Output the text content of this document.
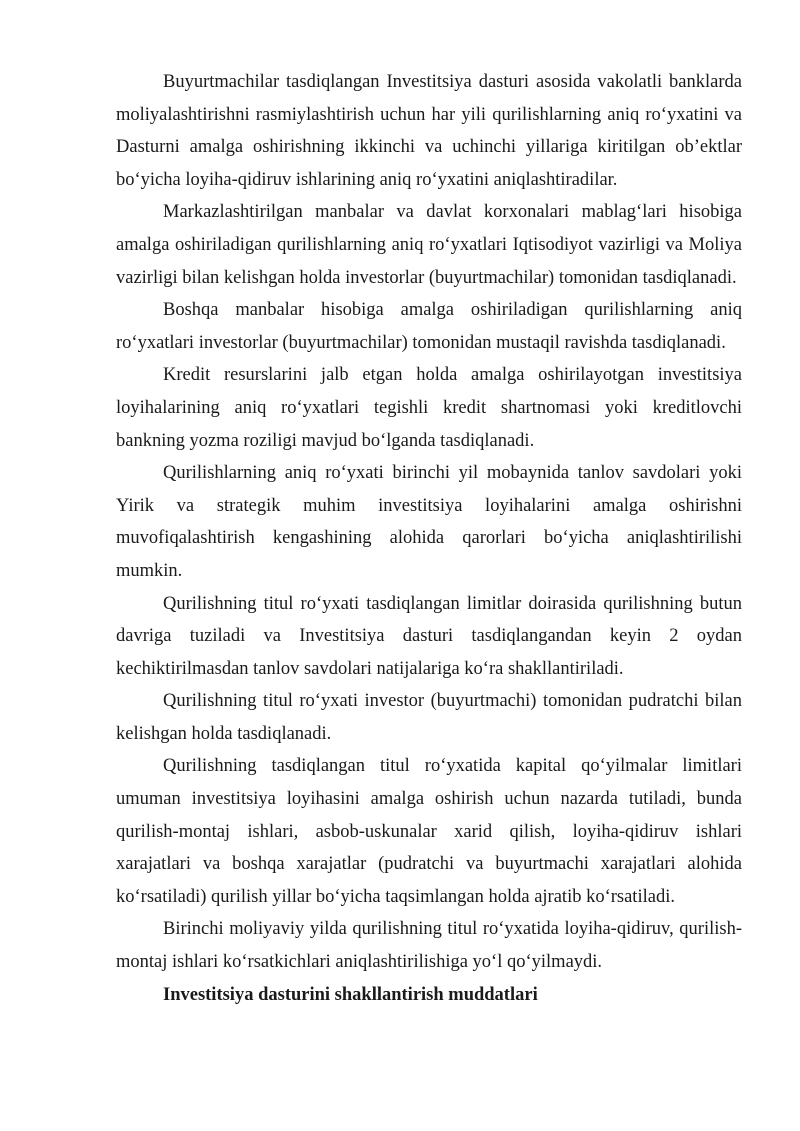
Buyurtmachilar tasdiqlangan Investitsiya dasturi asosida vakolatli banklarda moliyalashtirishni rasmiylashtirish uchun har yili qurilishlarning aniq ro‘yxatini va Dasturni amalga oshirishning ikkinchi va uchinchi yillariga kiritilgan ob’ektlar bo‘yicha loyiha-qidiruv ishlarining aniq ro‘yxatini aniqlashtiradilar.

Markazlashtirilgan manbalar va davlat korxonalari mablag‘lari hisobiga amalga oshiriladigan qurilishlarning aniq ro‘yxatlari Iqtisodiyot vazirligi va Moliya vazirligi bilan kelishgan holda investorlar (buyurtmachilar) tomonidan tasdiqlanadi.

Boshqa manbalar hisobiga amalga oshiriladigan qurilishlarning aniq ro‘yxatlari investorlar (buyurtmachilar) tomonidan mustaqil ravishda tasdiqlanadi.

Kredit resurslarini jalb etgan holda amalga oshirilayotgan investitsiya loyihalarining aniq ro‘yxatlari tegishli kredit shartnomasi yoki kreditlovchi bankning yozma roziligi mavjud bo‘lganda tasdiqlanadi.

Qurilishlarning aniq ro‘yxati birinchi yil mobaynida tanlov savdolari yoki Yirik va strategik muhim investitsiya loyihalarini amalga oshirishni muvofiqalashtirish kengashining alohida qarorlari bo‘yicha aniqlashtirilishi mumkin.

Qurilishning titul ro‘yxati tasdiqlangan limitlar doirasida qurilishning butun davriga tuziladi va Investitsiya dasturi tasdiqlangandan keyin 2 oydan kechiktirilmasdan tanlov savdolari natijalariga ko‘ra shakllantiriladi.

Qurilishning titul ro‘yxati investor (buyurtmachi) tomonidan pudratchi bilan kelishgan holda tasdiqlanadi.

Qurilishning tasdiqlangan titul ro‘yxatida kapital qo‘yilmalar limitlari umuman investitsiya loyihasini amalga oshirish uchun nazarda tutiladi, bunda qurilish-montaj ishlari, asbob-uskunalar xarid qilish, loyiha-qidiruv ishlari xarajatlari va boshqa xarajatlar (pudratchi va buyurtmachi xarajatlari alohida ko‘rsatiladi) qurilish yillar bo‘yicha taqsimlangan holda ajratib ko‘rsatiladi.

Birinchi moliyaviy yilda qurilishning titul ro‘yxatida loyiha-qidiruv, qurilish-montaj ishlari ko‘rsatkichlari aniqlashtirilishiga yo‘l qo‘yilmaydi.

Investitsiya dasturini shakllantirish muddatlari
